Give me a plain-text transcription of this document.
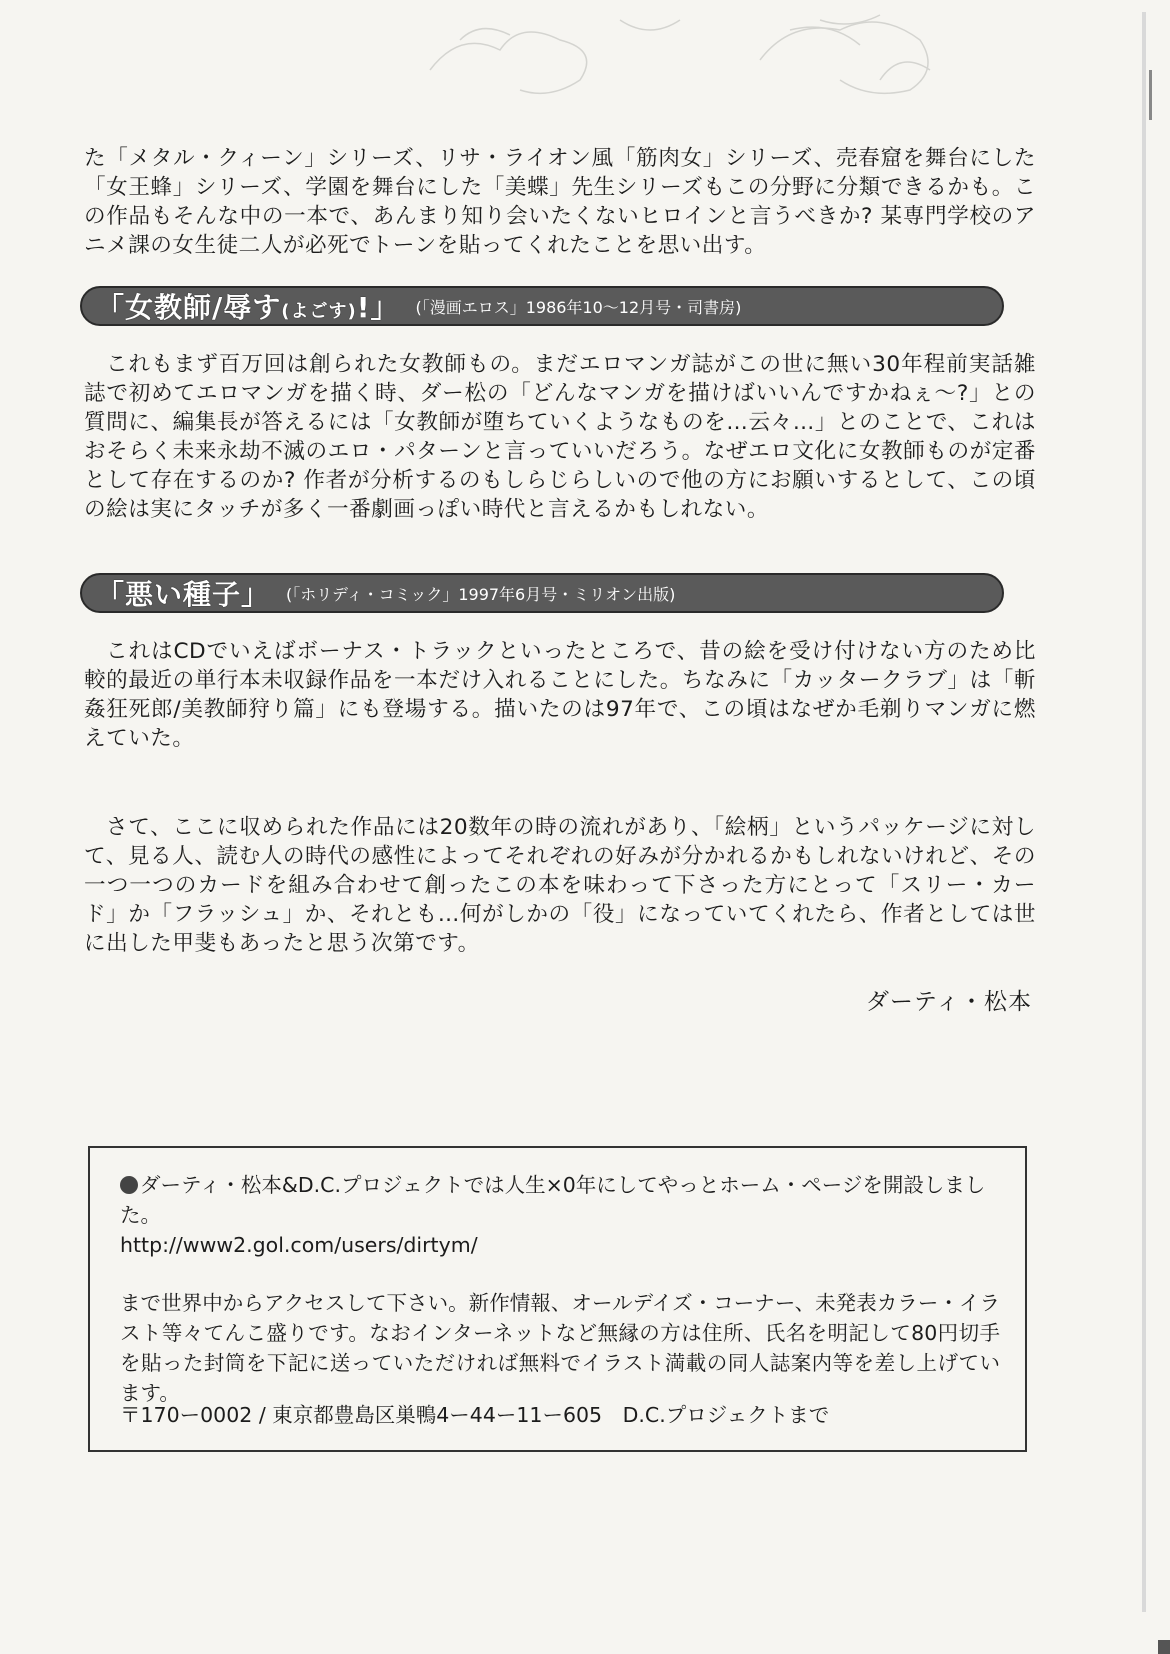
た「メタル・クィーン」シリーズ、リサ・ライオン風「筋肉女」シリーズ、売春窟を舞台にした「女王蜂」シリーズ、学園を舞台にした「美蝶」先生シリーズもこの分野に分類できるかも。この作品もそんな中の一本で、あんまり知り会いたくないヒロインと言うべきか? 某専門学校のアニメ課の女生徒二人が必死でトーンを貼ってくれたことを思い出す。

「女教師/辱す(よごす)!」 (「漫画エロス」1986年10〜12月号・司書房)

これもまず百万回は創られた女教師もの。まだエロマンガ誌がこの世に無い30年程前実話雑誌で初めてエロマンガを描く時、ダー松の「どんなマンガを描けばいいんですかねぇ〜?」との質問に、編集長が答えるには「女教師が堕ちていくようなものを…云々…」とのことで、これはおそらく未来永劫不滅のエロ・パターンと言っていいだろう。なぜエロ文化に女教師ものが定番として存在するのか? 作者が分析するのもしらじらしいので他の方にお願いするとして、この頃の絵は実にタッチが多く一番劇画っぽい時代と言えるかもしれない。

「悪い種子」 (「ホリディ・コミック」1997年6月号・ミリオン出版)

これはCDでいえばボーナス・トラックといったところで、昔の絵を受け付けない方のため比較的最近の単行本未収録作品を一本だけ入れることにした。ちなみに「カッタークラブ」は「斬姦狂死郎/美教師狩り篇」にも登場する。描いたのは97年で、この頃はなぜか毛剃りマンガに燃えていた。

さて、ここに収められた作品には20数年の時の流れがあり、「絵柄」というパッケージに対して、見る人、読む人の時代の感性によってそれぞれの好みが分かれるかもしれないけれど、その一つ一つのカードを組み合わせて創ったこの本を味わって下さった方にとって「スリー・カード」か「フラッシュ」か、それとも…何がしかの「役」になっていてくれたら、作者としては世に出した甲斐もあったと思う次第です。

ダーティ・松本

ダーティ・松本&D.C.プロジェクトでは人生×0年にしてやっとホーム・ページを開設しました。

http://www2.gol.com/users/dirtym/

まで世界中からアクセスして下さい。新作情報、オールデイズ・コーナー、未発表カラー・イラスト等々てんこ盛りです。なおインターネットなど無縁の方は住所、氏名を明記して80円切手を貼った封筒を下記に送っていただければ無料でイラスト満載の同人誌案内等を差し上げています。

〒170ー0002 / 東京都豊島区巣鴨4ー44ー11ー605　D.C.プロジェクトまで
